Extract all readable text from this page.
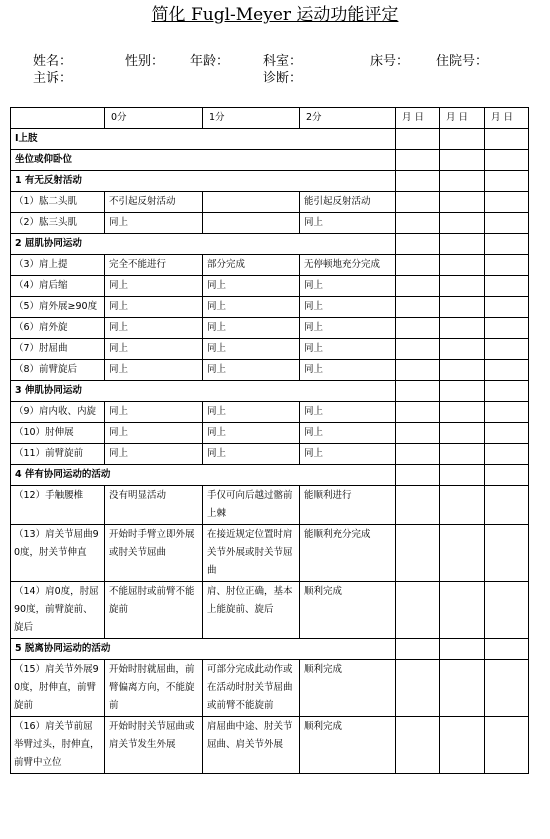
简化 Fugl-Meyer 运动功能评定
姓名：	性别： 年龄：	科室：	床号： 住院号：
主诉：	诊断：
	0分	1分	2分	月 日	月 日	月 日
Ⅰ上肢						
坐位或仰卧位						
1 有无反射活动						
（1）肱二头肌	不引起反射活动		能引起反射活动			
（2）肱三头肌	同上		同上			
2 屈肌协同运动						
（3）肩上提	完全不能进行	部分完成	无停顿地充分完成			
（4）肩后缩	同上	同上	同上			
（5）肩外展≥90度	同上	同上	同上			
（6）肩外旋	同上	同上	同上			
（7）肘屈曲	同上	同上	同上			
（8）前臂旋后	同上	同上	同上			
3 伸肌协同运动						
（9）肩内收、内旋	同上	同上	同上			
（10）肘伸展	同上	同上	同上			
（11）前臂旋前	同上	同上	同上			
4 伴有协同运动的活动						
（12）手触腰椎	没有明显活动	手仅可向后越过髂前上棘	能顺利进行			
（13）肩关节屈曲90度，肘关节伸直	开始时手臂立即外展或肘关节屈曲	在接近规定位置时肩关节外展或肘关节屈曲	能顺利充分完成			
（14）肩0度，肘屈90度，前臂旋前、旋后	不能屈肘或前臂不能旋前	肩、肘位正确，基本上能旋前、旋后	顺利完成			
5 脱离协同运动的活动						
（15）肩关节外展90度，肘伸直，前臂旋前	开始时肘就屈曲，前臂偏离方向，不能旋前	可部分完成此动作或在活动时肘关节屈曲或前臂不能旋前	顺利完成			
（16）肩关节前屈举臂过头，肘伸直，前臂中立位	开始时肘关节屈曲或肩关节发生外展	肩屈曲中途、肘关节屈曲、肩关节外展	顺利完成			
